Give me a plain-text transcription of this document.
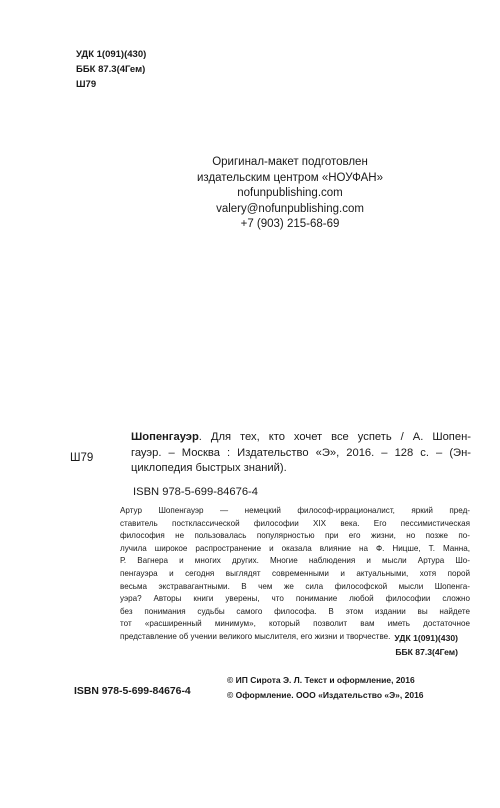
УДК 1(091)(430)
ББК 87.3(4Гем)
Ш79
Оригинал-макет подготовлен
издательским центром «НОУФАН»
nofunpublishing.com
valery@nofunpublishing.com
+7 (903) 215-68-69
Ш79
Шопенгауэр. Для тех, кто хочет все успеть / А. Шопен-
гауэр. – Москва : Издательство «Э», 2016. – 128 с. – (Эн-
циклопедия быстрых знаний).
ISBN 978-5-699-84676-4
Артур Шопенгауэр — немецкий философ-иррационалист, яркий пред-
ставитель постклассической философии XIX века. Его пессимистическая
философия не пользовалась популярностью при его жизни, но позже по-
лучила широкое распространение и оказала влияние на Ф. Ницше, Т. Манна,
Р. Вагнера и многих других. Многие наблюдения и мысли Артура Шо-
пенгауэра и сегодня выглядят современными и актуальными, хотя порой
весьма экстравагантными. В чем же сила философской мысли Шопенга-
уэра? Авторы книги уверены, что понимание любой философии сложно
без понимания судьбы самого философа. В этом издании вы найдете
тот «расширенный минимум», который позволит вам иметь достаточное
представление об учении великого мыслителя, его жизни и творчестве. УДК 1(091)(430)
ББК 87.3(4Гем)
ISBN 978-5-699-84676-4
© ИП Сирота Э. Л. Текст и оформление, 2016
© Оформление. ООО «Издательство «Э», 2016
